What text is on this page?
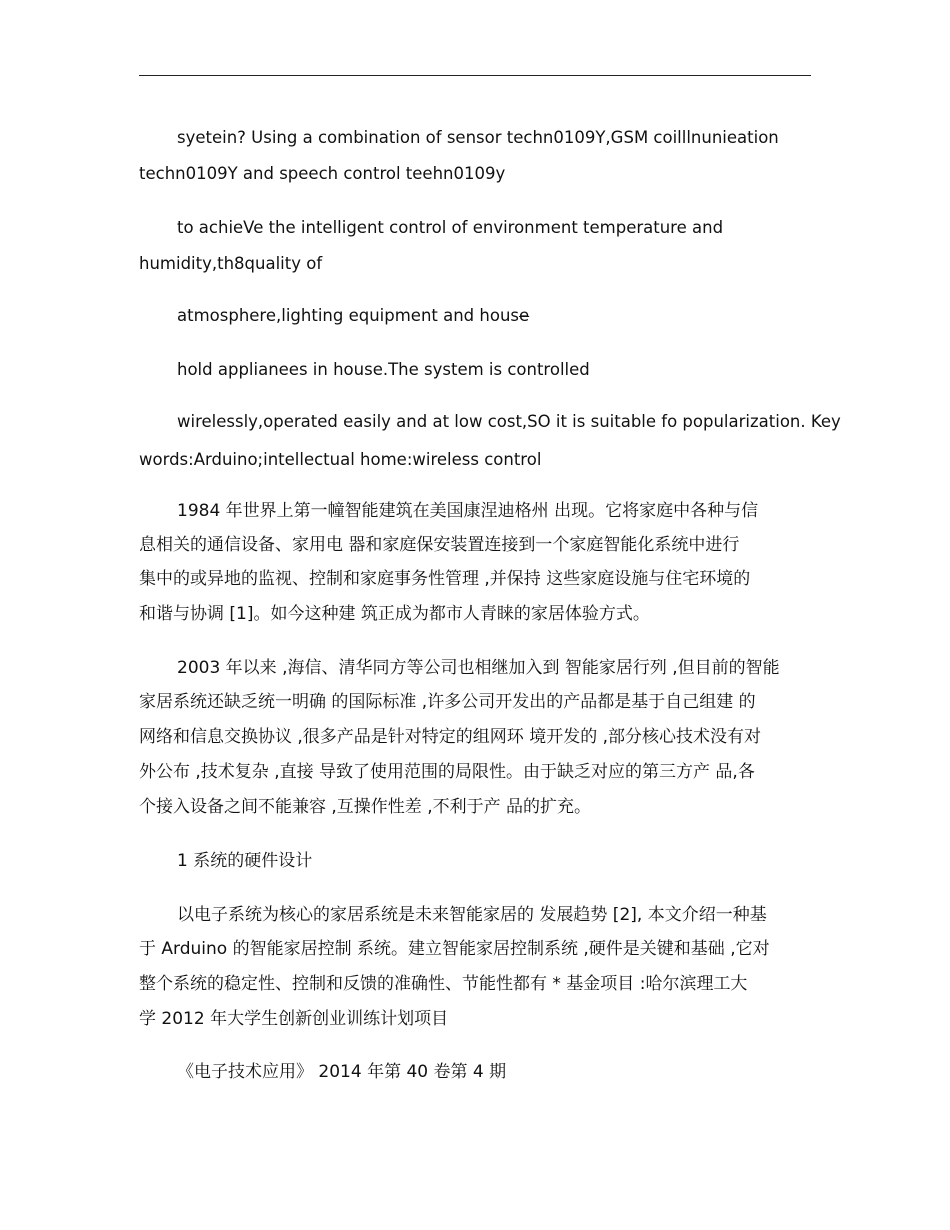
syetein? Using a combination of sensor techn0109Y,GSM coilllnunieation
techn0109Y and speech control teehn0109y
to achieVe the intelligent control of environment temperature and
humidity,th8quality of
atmosphere,lighting equipment and house
hold applianees in house.The system is controlled
wirelessly,operated easily and at low cost,SO it is suitable fo popularization. Key
words:Arduino;intellectual home:wireless control
1984 年世界上第一幢智能建筑在美国康涅迪格州 出现。它将家庭中各种与信
息相关的通信设备、家用电 器和家庭保安装置连接到一个家庭智能化系统中进行
集中的或异地的监视、控制和家庭事务性管理 ,并保持 这些家庭设施与住宅环境的
和谐与协调 [1]。如今这种建 筑正成为都市人青睐的家居体验方式。
2003 年以来 ,海信、清华同方等公司也相继加入到 智能家居行列 ,但目前的智能
家居系统还缺乏统一明确 的国际标准 ,许多公司开发出的产品都是基于自己组建 的
网络和信息交换协议 ,很多产品是针对特定的组网环 境开发的 ,部分核心技术没有对
外公布 ,技术复杂 ,直接 导致了使用范围的局限性。由于缺乏对应的第三方产 品,各
个接入设备之间不能兼容 ,互操作性差 ,不利于产 品的扩充。
1 系统的硬件设计
以电子系统为核心的家居系统是未来智能家居的 发展趋势 [2], 本文介绍一种基
于 Arduino 的智能家居控制 系统。建立智能家居控制系统 ,硬件是关键和基础 ,它对
整个系统的稳定性、控制和反馈的准确性、节能性都有 * 基金项目 :哈尔滨理工大
学 2012 年大学生创新创业训练计划项目
《电子技术应用》 2014 年第 40 卷第 4 期
